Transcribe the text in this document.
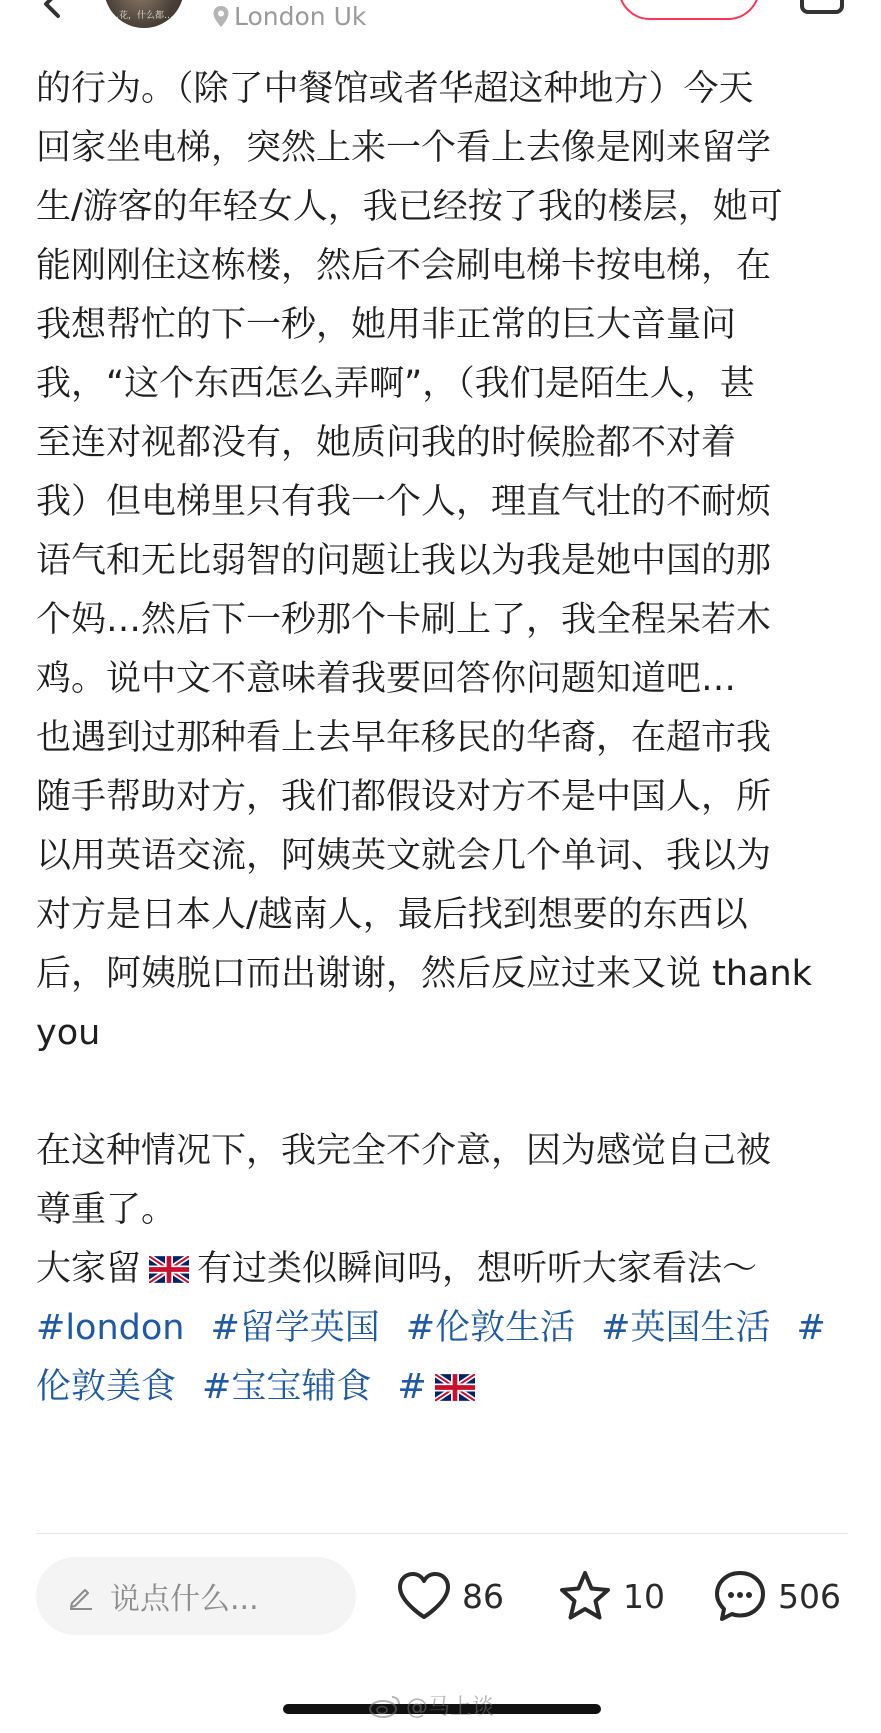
…花，什么都… London Uk
的行为。（除了中餐馆或者华超这种地方）今天
回家坐电梯，突然上来一个看上去像是刚来留学
生/游客的年轻女人，我已经按了我的楼层，她可
能刚刚住这栋楼，然后不会刷电梯卡按电梯，在
我想帮忙的下一秒，她用非正常的巨大音量问
我，“这个东西怎么弄啊”，（我们是陌生人，甚
至连对视都没有，她质问我的时候脸都不对着
我）但电梯里只有我一个人，理直气壮的不耐烦
语气和无比弱智的问题让我以为我是她中国的那
个妈…然后下一秒那个卡刷上了，我全程呆若木
鸡。说中文不意味着我要回答你问题知道吧…
也遇到过那种看上去早年移民的华裔，在超市我
随手帮助对方，我们都假设对方不是中国人，所
以用英语交流，阿姨英文就会几个单词、我以为
对方是日本人/越南人，最后找到想要的东西以
后，阿姨脱口而出谢谢，然后反应过来又说 thank
you
在这种情况下，我完全不介意，因为感觉自己被
尊重了。
大家留 有过类似瞬间吗，想听听大家看法～
#london #留学英国 #伦敦生活 #英国生活 #
伦敦美食 #宝宝辅食 #
说点什么...	86	10	506
@马上谈
